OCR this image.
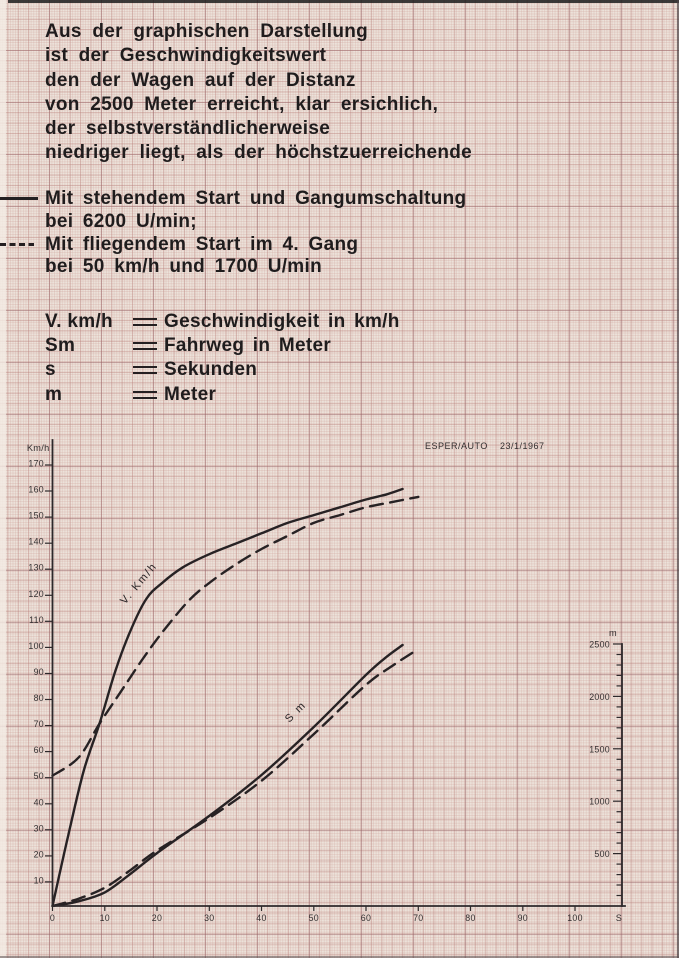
Aus der graphischen Darstellung
ist der Geschwindigkeitswert
den der Wagen auf der Distanz
von 2500 Meter erreicht, klar ersichlich,
der selbstverständlicherweise
niedriger liegt, als der höchstzuerreichende
Mit stehendem Start und Gangumschaltung
bei 6200 U/min;
Mit fliegendem Start im 4. Gang
bei 50 km/h und 1700 U/min
V. km/h	Geschwindigkeit in km/h
Sm	Fahrweg in Meter
s	Sekunden
m	Meter
10
20
30
40
50
60
70
80
90
100
110
120
130
140
150
160
170
Km/h
0	10	20	30	40	50	60	70	80	90	100	S
500
1000
1500
2000
2500
m
V. Km/h
S m
ESPER/AUTO 23/1/1967
